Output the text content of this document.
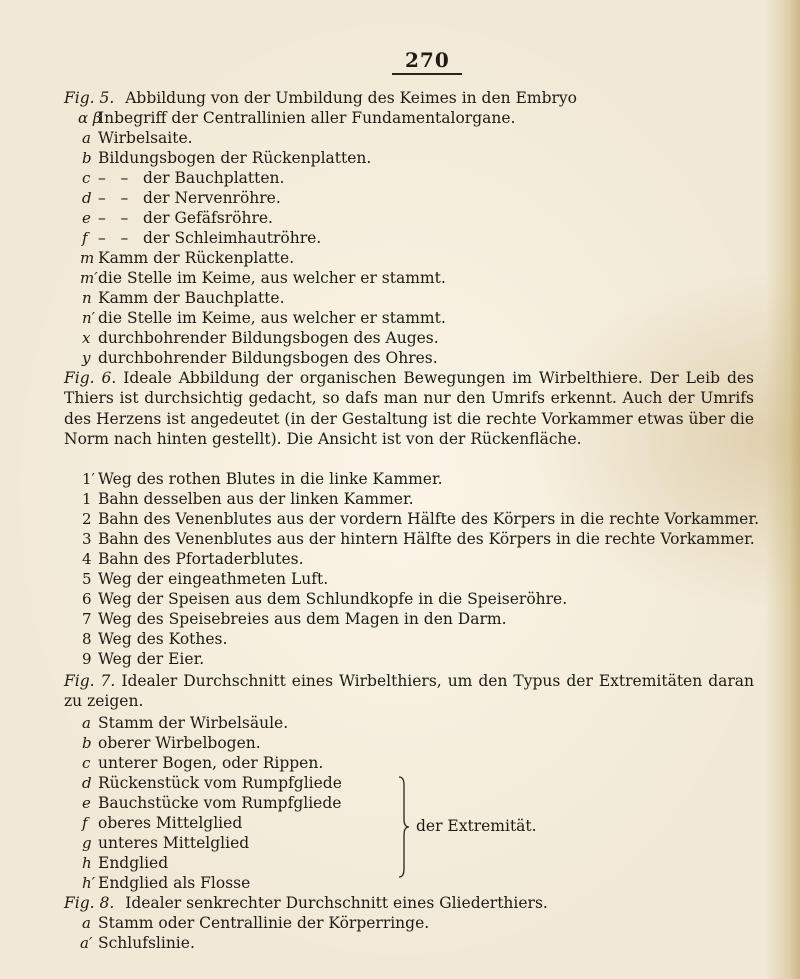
270
Fig. 5. Abbildung von der Umbildung des Keimes in den Embryo
α β
Inbegriff der Centrallinien aller Fundamentalorgane.
a Wirbelsaite.
b Bildungsbogen der Rückenplatten.
c –   –   der Bauchplatten.
d –   –   der Nervenröhre.
e –   –   der Gefäfsröhre.
f –   –   der Schleimhautröhre.
m Kamm der Rückenplatte.
m′ die Stelle im Keime, aus welcher er stammt.
n Kamm der Bauchplatte.
n′ die Stelle im Keime, aus welcher er stammt.
x durchbohrender Bildungsbogen des Auges.
y durchbohrender Bildungsbogen des Ohres.
Fig. 6. Ideale Abbildung der organischen Bewegungen im Wirbelthiere. Der Leib des Thiers ist durchsichtig gedacht, so dafs man nur den Umrifs erkennt. Auch der Umrifs des Herzens ist angedeutet (in der Gestaltung ist die rechte Vorkammer etwas über die Norm nach hinten gestellt). Die Ansicht ist von der Rückenfläche.
1′ Weg des rothen Blutes in die linke Kammer.
1 Bahn desselben aus der linken Kammer.
2 Bahn des Venenblutes aus der vordern Hälfte des Körpers in die rechte Vorkammer.
3 Bahn des Venenblutes aus der hintern Hälfte des Körpers in die rechte Vorkammer.
4 Bahn des Pfortaderblutes.
5 Weg der eingeathmeten Luft.
6 Weg der Speisen aus dem Schlundkopfe in die Speiseröhre.
7 Weg des Speisebreies aus dem Magen in den Darm.
8 Weg des Kothes.
9 Weg der Eier.
Fig. 7. Idealer Durchschnitt eines Wirbelthiers, um den Typus der Extremitäten daran zu zeigen.
a Stamm der Wirbelsäule.
b oberer Wirbelbogen.
c unterer Bogen, oder Rippen.
d Rückenstück vom Rumpfgliede
e Bauchstücke vom Rumpfgliede
f oberes Mittelglied
g unteres Mittelglied
h Endglied
h′ Endglied als Flosse
der Extremität.
Fig. 8. Idealer senkrechter Durchschnitt eines Gliederthiers.
a Stamm oder Centrallinie der Körperringe.
a′ Schlufslinie.
